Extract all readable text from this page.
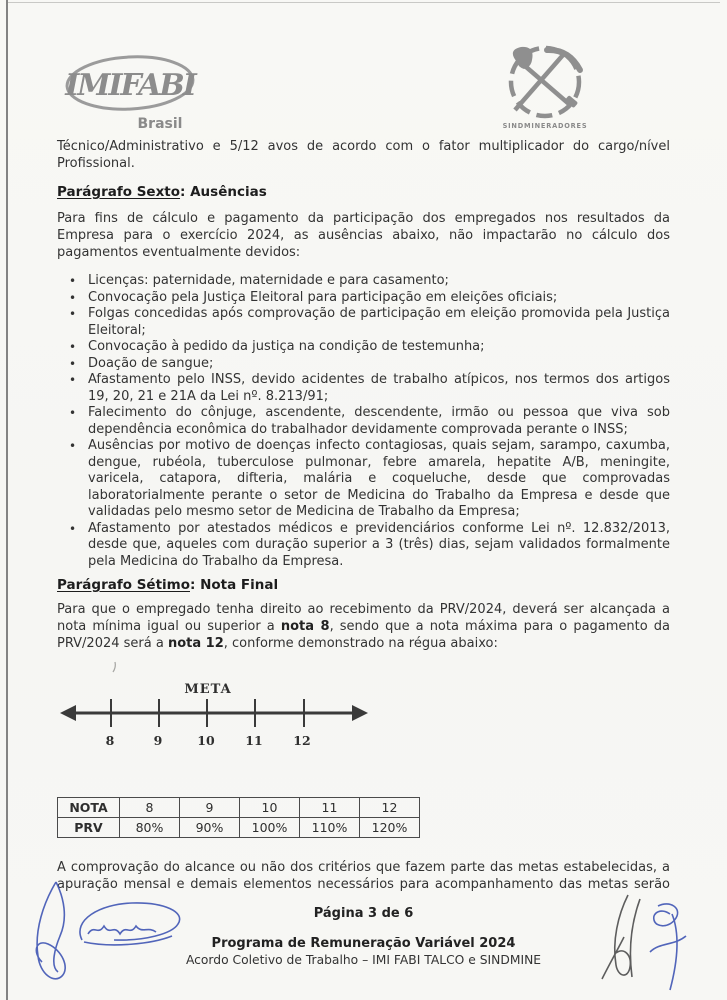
IMIFABI
Brasil	SINDMINERADORES
Técnico/Administrativo e 5/12 avos de acordo com o fator multiplicador do cargo/nível Profissional.
Parágrafo Sexto: Ausências
Para fins de cálculo e pagamento da participação dos empregados nos resultados da Empresa para o exercício 2024, as ausências abaixo, não impactarão no cálculo dos pagamentos eventualmente devidos:
• Licenças: paternidade, maternidade e para casamento;
• Convocação pela Justiça Eleitoral para participação em eleições oficiais;
• Folgas concedidas após comprovação de participação em eleição promovida pela Justiça Eleitoral;
• Convocação à pedido da justiça na condição de testemunha;
• Doação de sangue;
• Afastamento pelo INSS, devido acidentes de trabalho atípicos, nos termos dos artigos 19, 20, 21 e 21A da Lei nº. 8.213/91;
• Falecimento do cônjuge, ascendente, descendente, irmão ou pessoa que viva sob dependência econômica do trabalhador devidamente comprovada perante o INSS;
• Ausências por motivo de doenças infecto contagiosas, quais sejam, sarampo, caxumba, dengue, rubéola, tuberculose pulmonar, febre amarela, hepatite A/B, meningite, varicela, catapora, difteria, malária e coqueluche, desde que comprovadas laboratorialmente perante o setor de Medicina do Trabalho da Empresa e desde que validadas pelo mesmo setor de Medicina de Trabalho da Empresa;
• Afastamento por atestados médicos e previdenciários conforme Lei nº. 12.832/2013, desde que, aqueles com duração superior a 3 (três) dias, sejam validados formalmente pela Medicina do Trabalho da Empresa.
Parágrafo Sétimo: Nota Final
Para que o empregado tenha direito ao recebimento da PRV/2024, deverá ser alcançada a nota mínima igual ou superior a nota 8, sendo que a nota máxima para o pagamento da PRV/2024 será a nota 12, conforme demonstrado na régua abaixo:
META
8	9	10 11 12
NOTA	8	9	10	11	12
PRV	80%	90%	100%	110%	120%
A comprovação do alcance ou não dos critérios que fazem parte das metas estabelecidas, a apuração mensal e demais elementos necessários para acompanhamento das metas serão
Página 3 de 6
Programa de Remuneração Variável 2024
Acordo Coletivo de Trabalho – IMI FABI TALCO e SINDMINE
